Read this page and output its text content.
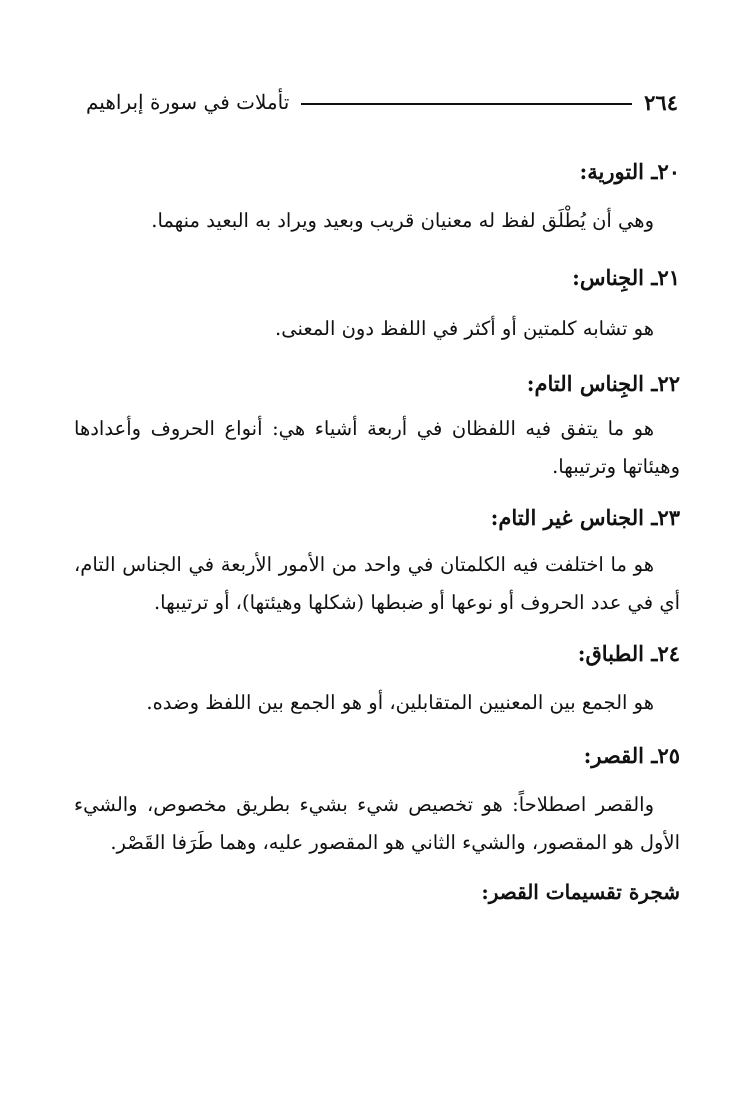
٢٦٤
تأملات في سورة إبراهيم

٢٠ـ التورية:

وهي أن يُطْلَق لفظ له معنيان قريب وبعيد ويراد به البعيد منهما.

٢١ـ الجِناس:

هو تشابه كلمتين أو أكثر في اللفظ دون المعنى.

٢٢ـ الجِناس التام:

هو ما يتفق فيه اللفظان في أربعة أشياء هي: أنواع الحروف وأعدادها وهيئاتها وترتيبها.

٢٣ـ الجناس غير التام:

هو ما اختلفت فيه الكلمتان في واحد من الأمور الأربعة في الجناس التام، أي في عدد الحروف أو نوعها أو ضبطها (شكلها وهيئتها)، أو ترتيبها.

٢٤ـ الطباق:

هو الجمع بين المعنيين المتقابلين، أو هو الجمع بين اللفظ وضده.

٢٥ـ القصر:

والقصر اصطلاحاً: هو تخصيص شيء بشيء بطريق مخصوص، والشيء الأول هو المقصور، والشيء الثاني هو المقصور عليه، وهما طَرَفا القَصْر.

شجرة تقسيمات القصر:
